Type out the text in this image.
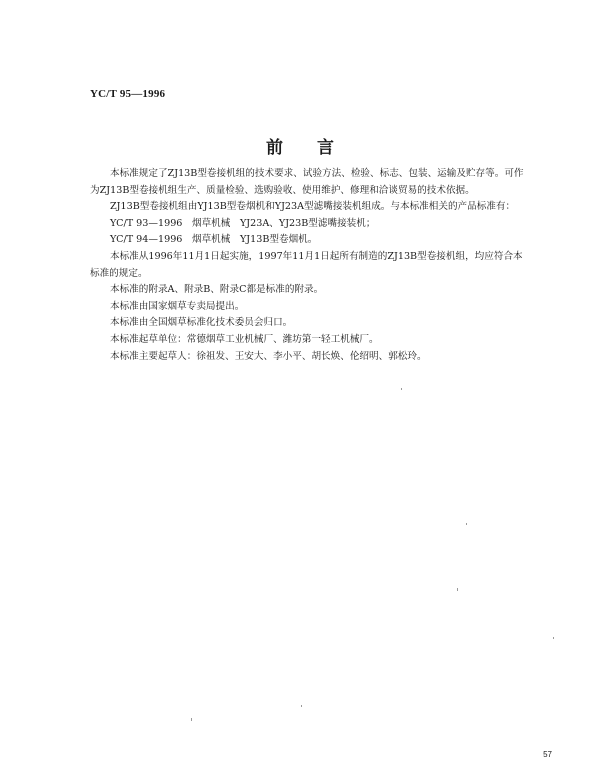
YC/T 95—1996
前言

本标准规定了ZJ13B型卷接机组的技术要求、试验方法、检验、标志、包装、运输及贮存等。可作为ZJ13B型卷接机组生产、质量检验、选购验收、使用维护、修理和洽谈贸易的技术依据。

ZJ13B型卷接机组由YJ13B型卷烟机和YJ23A型滤嘴接装机组成。与本标准相关的产品标准有：

YC/T 93—1996　烟草机械　YJ23A、YJ23B型滤嘴接装机；

YC/T 94—1996　烟草机械　YJ13B型卷烟机。

本标准从1996年11月1日起实施，1997年11月1日起所有制造的ZJ13B型卷接机组，均应符合本标准的规定。

本标准的附录A、附录B、附录C都是标准的附录。

本标准由国家烟草专卖局提出。

本标准由全国烟草标准化技术委员会归口。

本标准起草单位：常德烟草工业机械厂、潍坊第一轻工机械厂。

本标准主要起草人：徐祖发、王安大、李小平、胡长焕、伦绍明、郭松玲。

57
